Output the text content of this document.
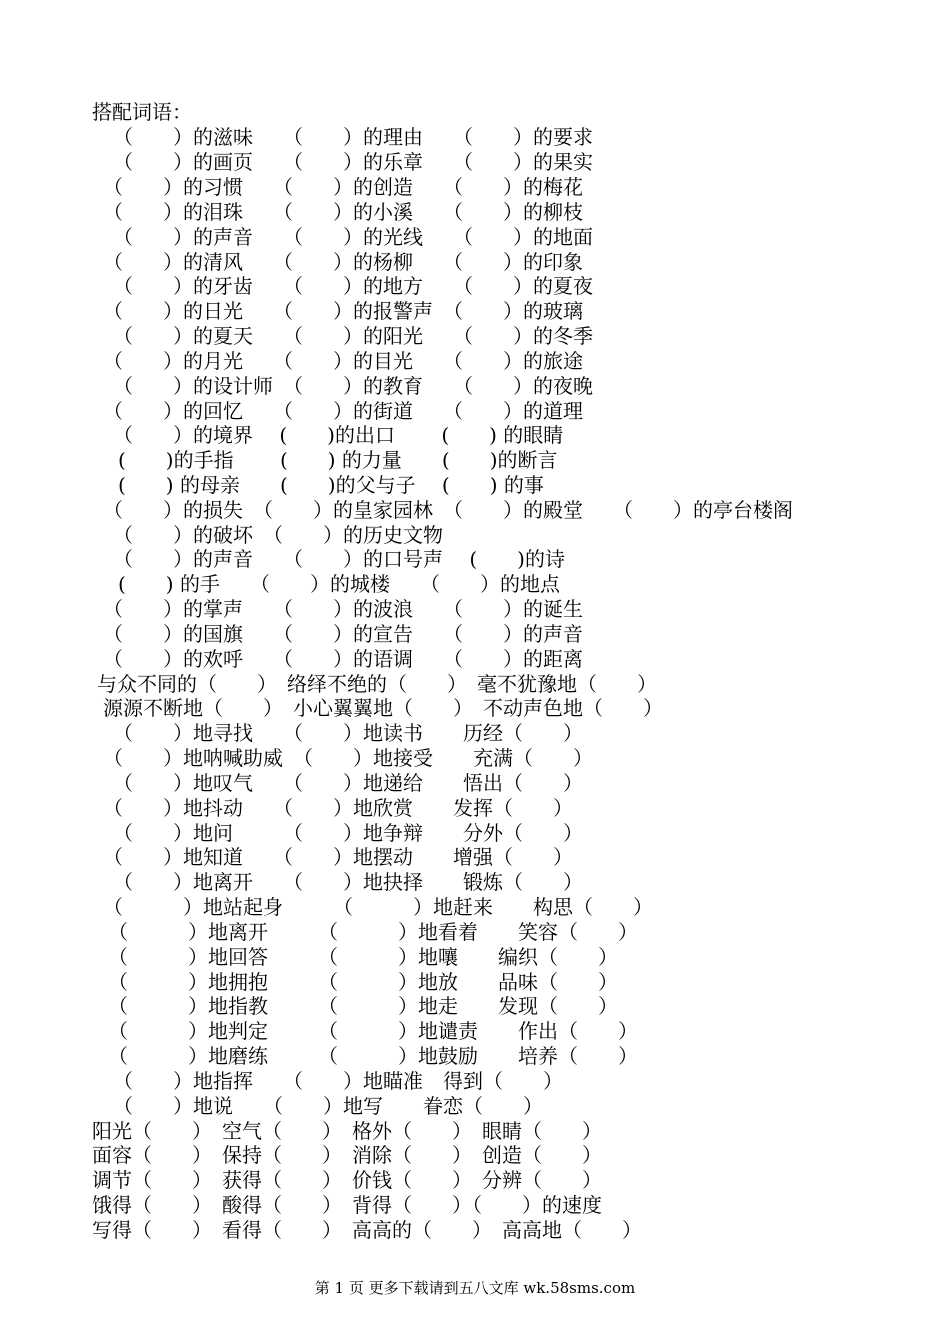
搭配词语：
（　　）的滋味　　（　　）的理由　　（　　）的要求
（　　）的画页　　（　　）的乐章　　（　　）的果实
（　　）的习惯　　（　　）的创造　　（　　）的梅花
（　　）的泪珠　　（　　）的小溪　　（　　）的柳枝
（　　）的声音　　（　　）的光线　　（　　）的地面
（　　）的清风　　（　　）的杨柳　　（　　）的印象
（　　）的牙齿　　（　　）的地方　　（　　）的夏夜
（　　）的日光　　（　　）的报警声　（　　）的玻璃
（　　）的夏天　　（　　）的阳光　　（　　）的冬季
（　　）的月光　　（　　）的目光　　（　　）的旅途
（　　）的设计师　（　　）的教育　　（　　）的夜晚
（　　）的回忆　　（　　）的街道　　（　　）的道理
（　　）的境界　 (　　)的出口　　 (　　) 的眼睛
(　　)的手指　　 (　　) 的力量　　(　　)的断言
(　　) 的母亲　　(　　)的父与子　 (　　) 的事
（　　）的损失　（　　）的皇家园林　（　　）的殿堂　　（　　）的亭台楼阁
（　　）的破坏　（　　）的历史文物
（　　）的声音　　（　　）的口号声　 (　　)的诗
(　　) 的手　　（　　）的城楼　　（　　）的地点
（　　）的掌声　　（　　）的波浪　　（　　）的诞生
（　　）的国旗　　（　　）的宣告　　（　　）的声音
（　　）的欢呼　　（　　）的语调　　（　　）的距离
与众不同的（　　）　络绎不绝的（　　）　毫不犹豫地（　　）
源源不断地（　　）　小心翼翼地（　　）　不动声色地（　　）
（　　）地寻找　　（　　）地读书　　历经（　　）
（　　）地呐喊助威　（　　）地接受　　充满（　　）
（　　）地叹气　　（　　）地递给　　悟出（　　）
（　　）地抖动　　（　　）地欣赏　　发挥（　　）
（　　）地问　　　（　　）地争辩　　分外（　　）
（　　）地知道　　（　　）地摆动　　增强（　　）
（　　）地离开　　（　　）地抉择　　锻炼（　　）
（　　　）地站起身　　　（　　　）地赶来　　构思（　　）
（　　　）地离开　　　（　　　）地看着　　笑容（　　）
（　　　）地回答　　　（　　　）地嚷　　编织（　　）
（　　　）地拥抱　　　（　　　）地放　　品味（　　）
（　　　）地指教　　　（　　　）地走　　发现（　　）
（　　　）地判定　　　（　　　）地谴责　　作出（　　）
（　　　）地磨练　　　（　　　）地鼓励　　培养（　　）
（　　）地指挥　　（　　）地瞄准　得到（　　）
（　　）地说　　（　　）地写　　眷恋（　　）
阳光（　　）　空气（　　）　格外（　　）　眼睛（　　）
面容（　　）　保持（　　）　消除（　　）　创造（　　）
调节（　　）　获得（　　）　价钱（　　）　分辨（　　）
饿得（　　）　酸得（　　）　背得（　　）（　　）的速度
写得（　　）　看得（　　）　高高的（　　）　高高地（　　）
第 1 页 更多下载请到五八文库 wk.58sms.com
